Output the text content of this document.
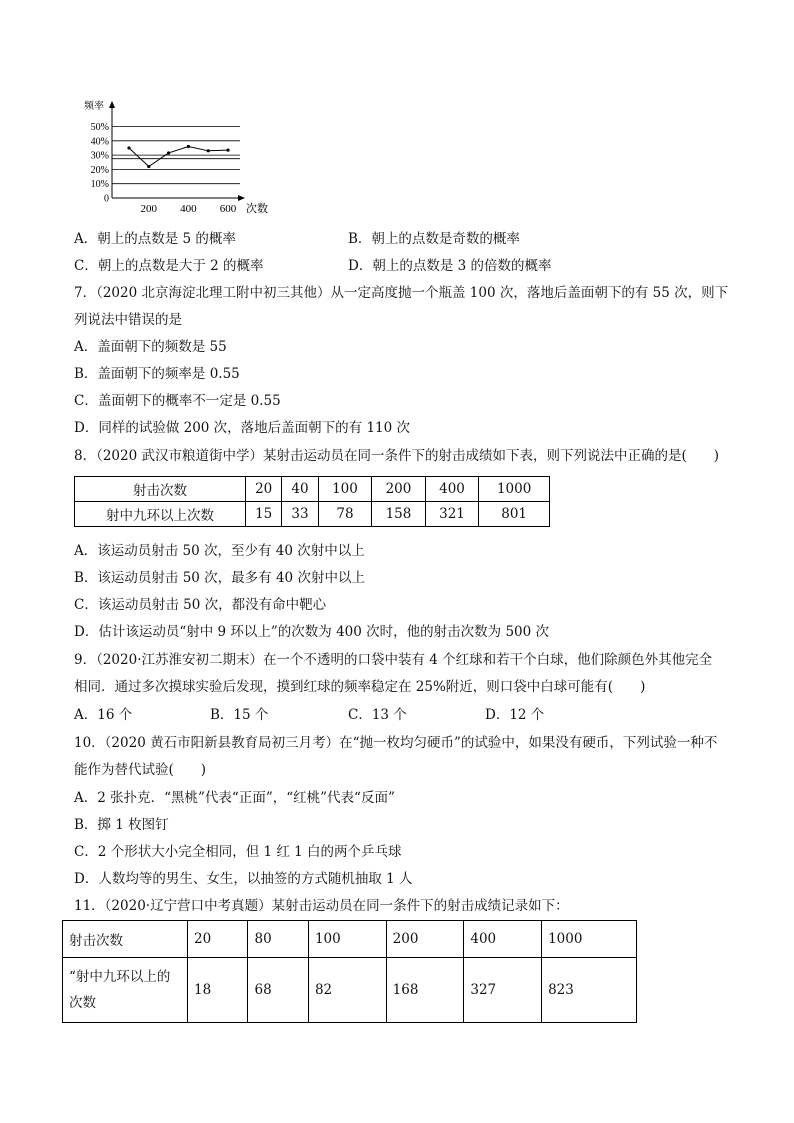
频率
0
10%
20%
30%
40%
50%
200 400 600 次数
A．朝上的点数是 5 的概率	B．朝上的点数是奇数的概率
C．朝上的点数是大于 2 的概率	D．朝上的点数是 3 的倍数的概率
7．（2020 北京海淀北理工附中初三其他）从一定高度抛一个瓶盖 100 次，落地后盖面朝下的有 55 次，则下
列说法中错误的是
A．盖面朝下的频数是 55
B．盖面朝下的频率是 0.55
C．盖面朝下的概率不一定是 0.55
D．同样的试验做 200 次，落地后盖面朝下的有 110 次
8．（2020 武汉市粮道街中学）某射击运动员在同一条件下的射击成绩如下表，则下列说法中正确的是(　　)
射击次数	20	40	100	200	400	1000
射中九环以上次数	15	33	78	158	321	801
A．该运动员射击 50 次，至少有 40 次射中以上
B．该运动员射击 50 次，最多有 40 次射中以上
C．该运动员射击 50 次，都没有命中靶心
D．估计该运动员“射中 9 环以上”的次数为 400 次时，他的射击次数为 500 次
9．（2020·江苏淮安初二期末）在一个不透明的口袋中装有 4 个红球和若干个白球，他们除颜色外其他完全
相同．通过多次摸球实验后发现，摸到红球的频率稳定在 25%附近，则口袋中白球可能有(　　)
A．16 个	B．15 个	C．13 个	D．12 个
10．（2020 黄石市阳新县教育局初三月考）在“抛一枚均匀硬币”的试验中，如果没有硬币，下列试验一种不
能作为替代试验(　　)
A．2 张扑克．“黑桃”代表“正面”，“红桃”代表“反面”
B．掷 1 枚图钉
C．2 个形状大小完全相同，但 1 红 1 白的两个乒乓球
D．人数均等的男生、女生，以抽签的方式随机抽取 1 人
11．（2020·辽宁营口中考真题）某射击运动员在同一条件下的射击成绩记录如下：
射击次数	20	80	100	200	400	1000
“射中九环以上的
次数	18	68	82	168	327	823
